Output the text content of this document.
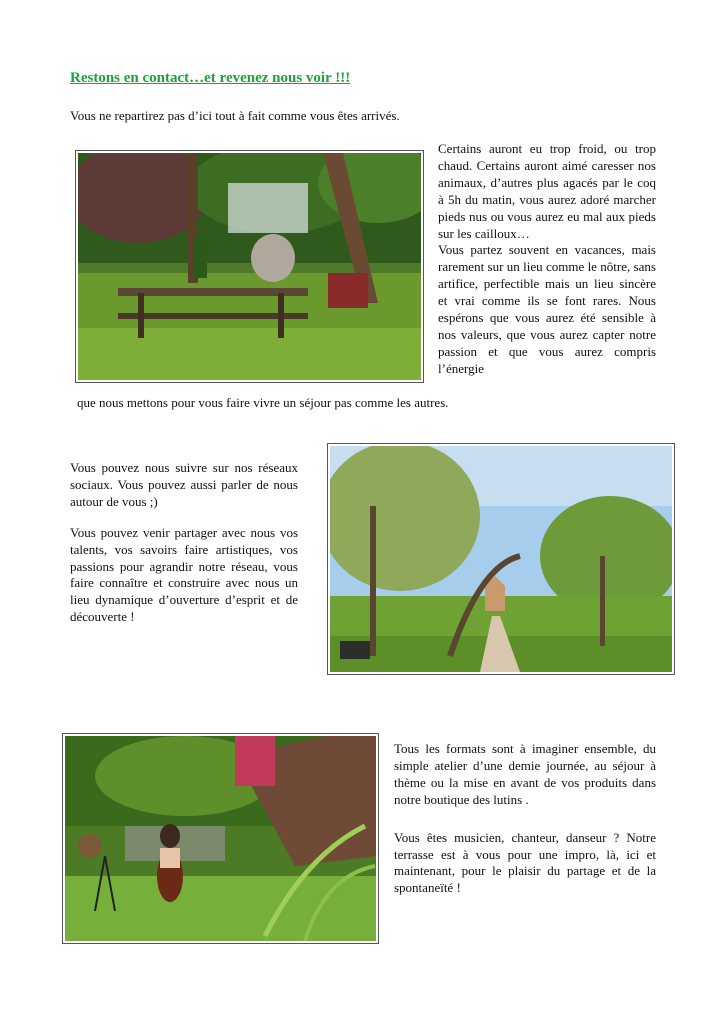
Restons en contact…et revenez nous voir !!!
Vous ne repartirez pas d’ici tout à fait comme vous êtes arrivés.

Certains auront eu trop froid, ou trop chaud. Certains auront aimé caresser nos animaux, d’autres plus agacés par le coq à 5h du matin, vous aurez adoré marcher pieds nus ou vous aurez eu mal aux pieds sur les cailloux…

Vous partez souvent en vacances, mais rarement sur un lieu comme le nôtre, sans artifice, perfectible mais un lieu sincère et vrai comme ils se font rares. Nous espérons que vous aurez été sensible à nos valeurs, que vous aurez capter notre passion et que vous aurez compris l’énergie

que nous mettons pour vous faire vivre un séjour pas comme les autres.

Vous pouvez nous suivre sur nos réseaux sociaux. Vous pouvez aussi parler de nous autour de vous ;)

Vous pouvez venir partager avec nous vos talents, vos savoirs faire artistiques, vos passions pour agrandir notre réseau, vous faire connaître et construire avec nous un lieu dynamique d’ouverture d’esprit et de découverte !

Tous les formats sont à imaginer ensemble, du simple atelier d’une demie journée, au séjour à thème ou la mise en avant de vos produits dans notre boutique des lutins .

Vous êtes musicien, chanteur, danseur ? Notre terrasse est à vous pour une impro, là, ici et maintenant, pour le plaisir du partage et de la spontaneïté !
